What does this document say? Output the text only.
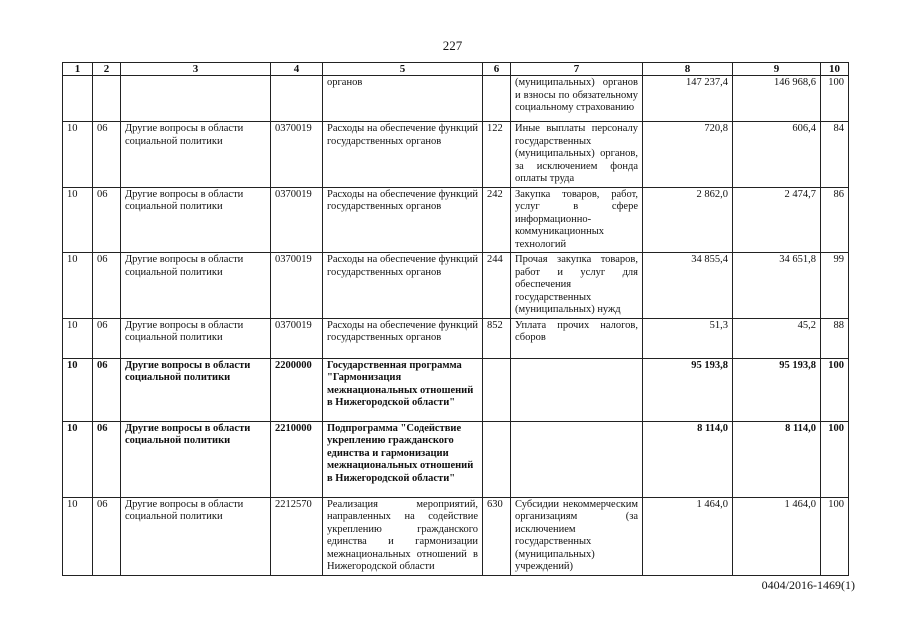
227
1	2	3	4	5	6	7	8	9	10
				органов		(муниципальных) органов и взносы по обязательному социальному страхованию	147 237,4	146 968,6	100
10	06	Другие вопросы в области социальной политики	0370019	Расходы на обеспечение функций государственных органов	122	Иные выплаты персоналу государственных (муниципальных) органов, за исключением фонда оплаты труда	720,8	606,4	84
10	06	Другие вопросы в области социальной политики	0370019	Расходы на обеспечение функций государственных органов	242	Закупка товаров, работ, услуг в сфере информационно-коммуникационных технологий	2 862,0	2 474,7	86
10	06	Другие вопросы в области социальной политики	0370019	Расходы на обеспечение функций государственных органов	244	Прочая закупка товаров, работ и услуг для обеспечения государственных (муниципальных) нужд	34 855,4	34 651,8	99
10	06	Другие вопросы в области социальной политики	0370019	Расходы на обеспечение функций государственных органов	852	Уплата прочих налогов, сборов	51,3	45,2	88
10	06	Другие вопросы в области социальной политики	2200000	Государственная программа "Гармонизация межнациональных отношений в Нижегородской области"			95 193,8	95 193,8	100
10	06	Другие вопросы в области социальной политики	2210000	Подпрограмма "Содействие укреплению гражданского единства и гармонизации межнациональных отношений в Нижегородской области"			8 114,0	8 114,0	100
10	06	Другие вопросы в области социальной политики	2212570	Реализация мероприятий, направленных на содействие укреплению гражданского единства и гармонизации межнациональных отношений в Нижегородской области	630	Субсидии некоммерческим организациям (за исключением государственных (муниципальных) учреждений)	1 464,0	1 464,0	100
0404/2016-1469(1)
